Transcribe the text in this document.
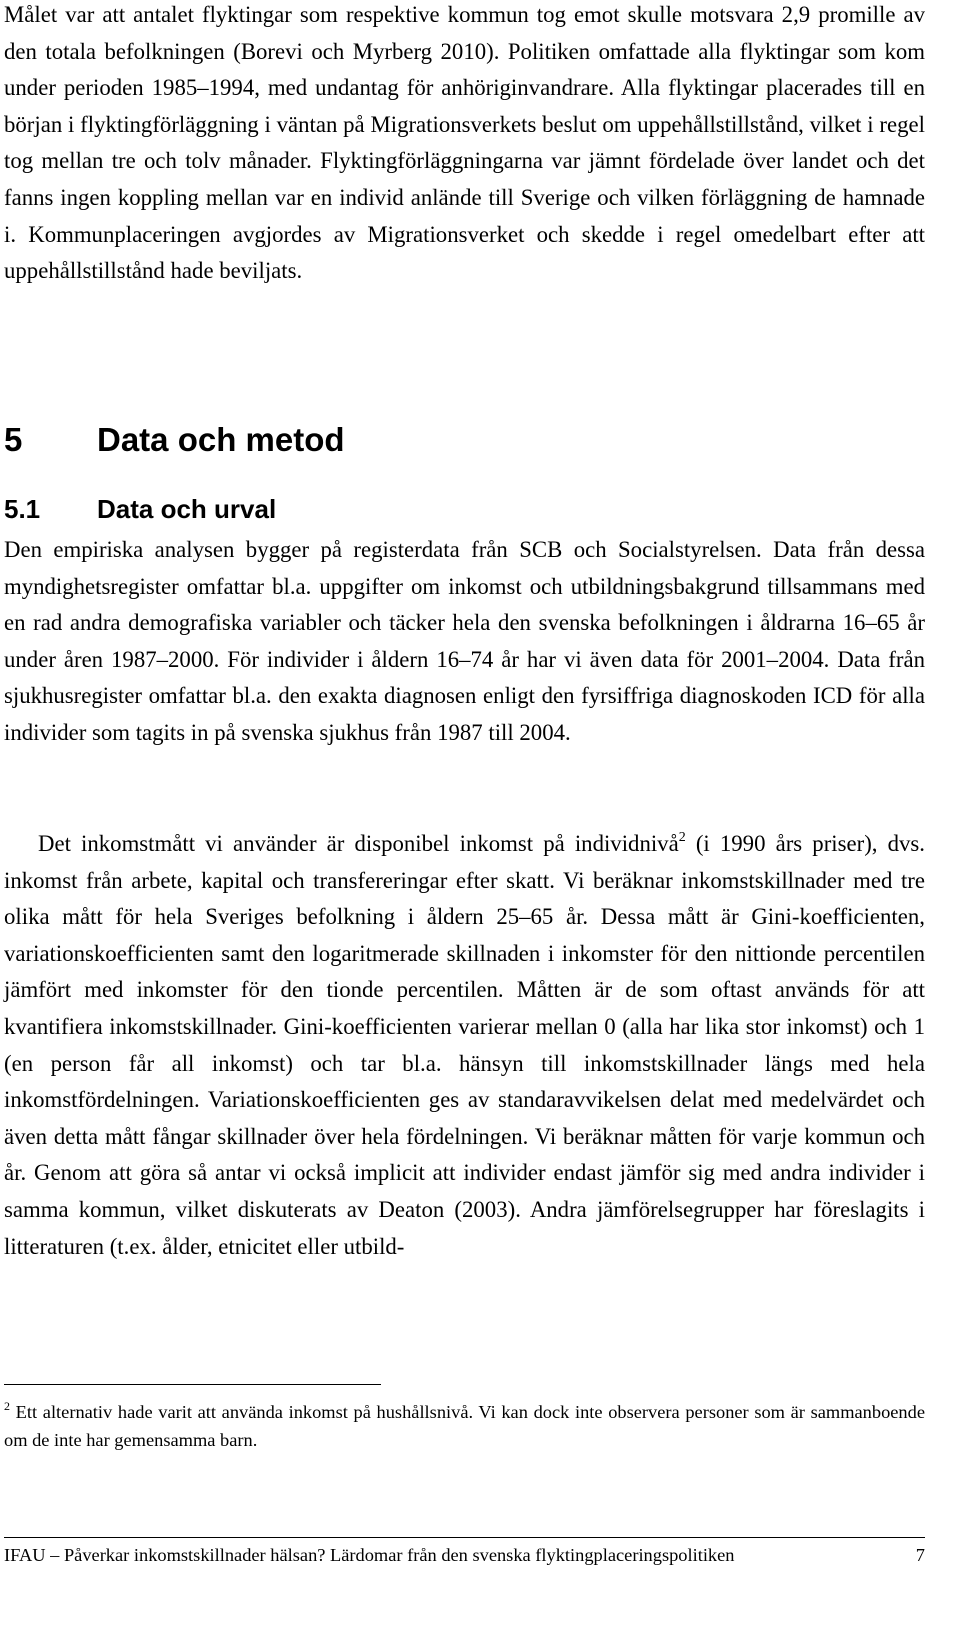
Målet var att antalet flyktingar som respektive kommun tog emot skulle motsvara 2,9 promille av den totala befolkningen (Borevi och Myrberg 2010). Politiken omfattade alla flyktingar som kom under perioden 1985–1994, med undantag för anhöriginvandrare. Alla flyktingar placerades till en början i flyktingförläggning i väntan på Migrationsverkets beslut om uppehållstillstånd, vilket i regel tog mellan tre och tolv månader. Flyktingförläggningarna var jämnt fördelade över landet och det fanns ingen koppling mellan var en individ anlände till Sverige och vilken förläggning de hamnade i. Kommunplaceringen avgjordes av Migrationsverket och skedde i regel omedelbart efter att uppehållstillstånd hade beviljats.

5 Data och metod
5.1 Data och urval

Den empiriska analysen bygger på registerdata från SCB och Socialstyrelsen. Data från dessa myndighetsregister omfattar bl.a. uppgifter om inkomst och utbildningsbakgrund tillsammans med en rad andra demografiska variabler och täcker hela den svenska befolkningen i åldrarna 16–65 år under åren 1987–2000. För individer i åldern 16–74 år har vi även data för 2001–2004. Data från sjukhusregister omfattar bl.a. den exakta diagnosen enligt den fyrsiffriga diagnoskoden ICD för alla individer som tagits in på svenska sjukhus från 1987 till 2004.

Det inkomstmått vi använder är disponibel inkomst på individnivå$^2$ (i 1990 års priser), dvs. inkomst från arbete, kapital och transfereringar efter skatt. Vi beräknar inkomstskillnader med tre olika mått för hela Sveriges befolkning i åldern 25–65 år. Dessa mått är Gini-koefficienten, variationskoefficienten samt den logaritmerade skillnaden i inkomster för den nittionde percentilen jämfört med inkomster för den tionde percentilen. Måtten är de som oftast används för att kvantifiera inkomstskillnader. Gini-koefficienten varierar mellan 0 (alla har lika stor inkomst) och 1 (en person får all inkomst) och tar bl.a. hänsyn till inkomstskillnader längs med hela inkomstfördelningen. Variationskoefficienten ges av standaravvikelsen delat med medelvärdet och även detta mått fångar skillnader över hela fördelningen. Vi beräknar måtten för varje kommun och år. Genom att göra så antar vi också implicit att individer endast jämför sig med andra individer i samma kommun, vilket diskuterats av Deaton (2003). Andra jämförelsegrupper har föreslagits i litteraturen (t.ex. ålder, etnicitet eller utbild-

$^2$ Ett alternativ hade varit att använda inkomst på hushållsnivå. Vi kan dock inte observera personer som är sammanboende om de inte har gemensamma barn.

IFAU – Påverkar inkomstskillnader hälsan? Lärdomar från den svenska flyktingplaceringspolitiken	7
